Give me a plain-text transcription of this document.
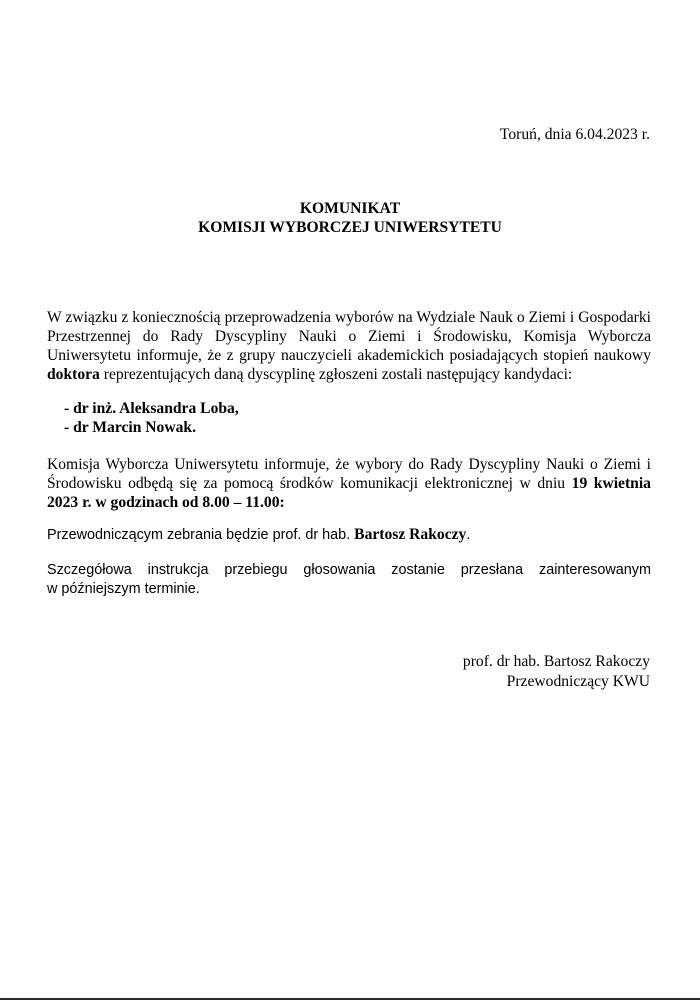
Toruń, dnia 6.04.2023 r.
KOMUNIKAT
KOMISJI WYBORCZEJ UNIWERSYTETU
W związku z koniecznością przeprowadzenia wyborów na Wydziale Nauk o Ziemi i Gospodarki Przestrzennej do Rady Dyscypliny Nauki o Ziemi i Środowisku, Komisja Wyborcza Uniwersytetu informuje, że z grupy nauczycieli akademickich posiadających stopień naukowy doktora reprezentujących daną dyscyplinę zgłoszeni zostali następujący kandydaci:
- dr inż. Aleksandra Loba,
- dr Marcin Nowak.
Komisja Wyborcza Uniwersytetu informuje, że wybory do Rady Dyscypliny Nauki o Ziemi i Środowisku odbędą się za pomocą środków komunikacji elektronicznej w dniu 19 kwietnia 2023 r. w godzinach od 8.00 – 11.00:
Przewodniczącym zebrania będzie prof. dr hab. Bartosz Rakoczy.
Szczegółowa instrukcja przebiegu głosowania zostanie przesłana zainteresowanym
w późniejszym terminie.
prof. dr hab. Bartosz Rakoczy
Przewodniczący KWU
